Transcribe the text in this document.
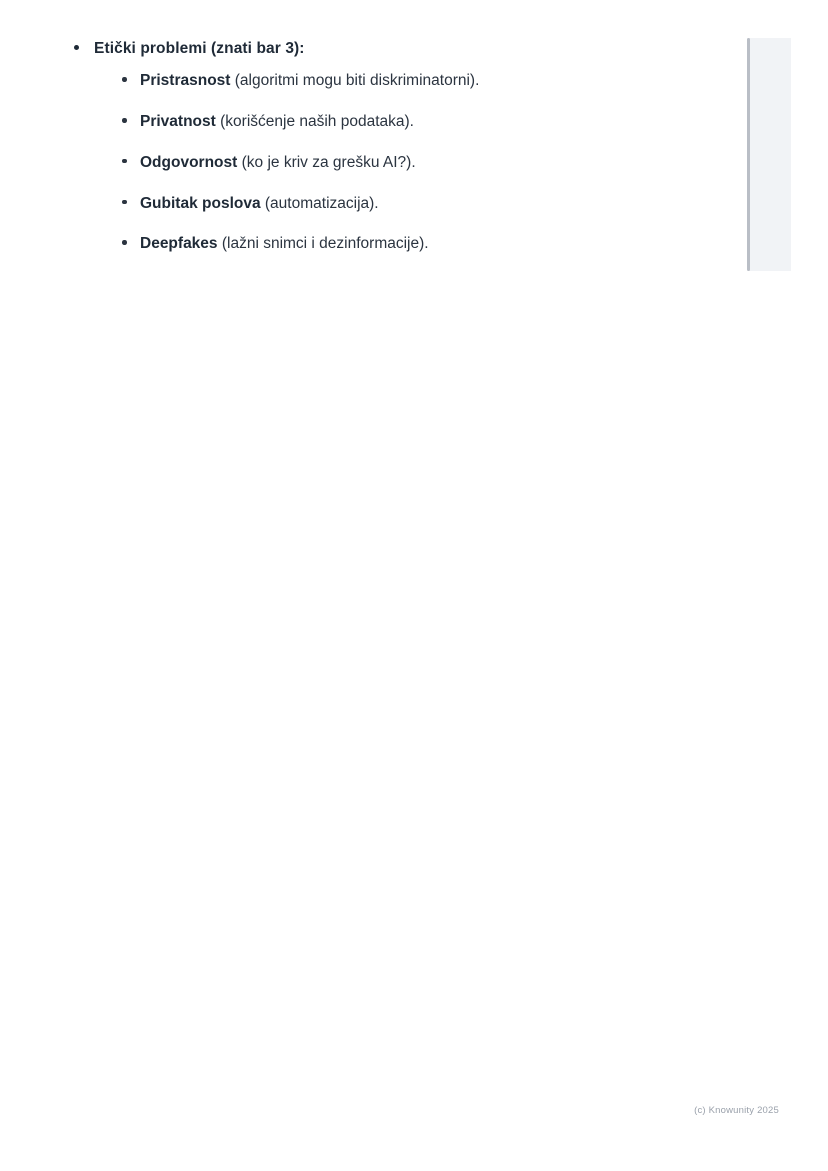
Etički problemi (znati bar 3):
Pristrasnost (algoritmi mogu biti diskriminatorni).
Privatnost (korišćenje naših podataka).
Odgovornost (ko je kriv za grešku AI?).
Gubitak poslova (automatizacija).
Deepfakes (lažni snimci i dezinformacije).
(c) Knowunity 2025
